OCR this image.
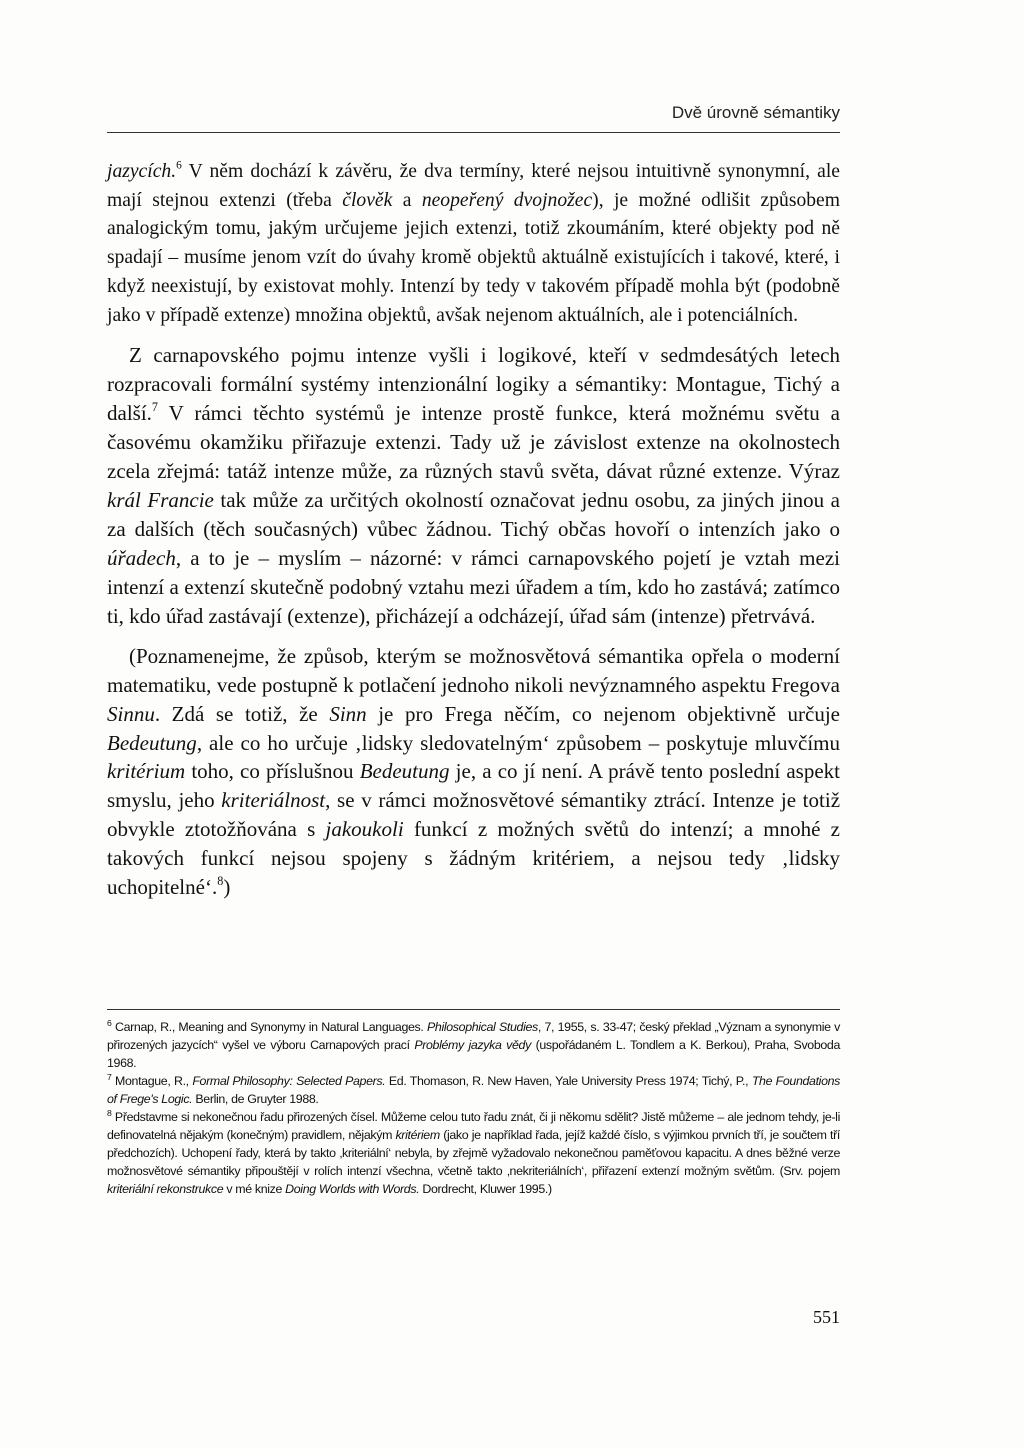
Dvě úrovně sémantiky

jazycích.$^6$ V něm dochází k závěru, že dva termíny, které nejsou intuitivně synonymní, ale mají stejnou extenzi (třeba člověk a neopeřený dvojnožec), je možné odlišit způsobem analogickým tomu, jakým určujeme jejich extenzi, totiž zkoumáním, které objekty pod ně spadají – musíme jenom vzít do úvahy kromě objektů aktuálně existujících i takové, které, i když neexistují, by existovat mohly. Intenzí by tedy v takovém případě mohla být (podobně jako v případě extenze) množina objektů, avšak nejenom aktuálních, ale i potenciálních.

Z carnapovského pojmu intenze vyšli i logikové, kteří v sedmdesátých letech rozpracovali formální systémy intenzionální logiky a sémantiky: Montague, Tichý a další.$^7$ V rámci těchto systémů je intenze prostě funkce, která možnému světu a časovému okamžiku přiřazuje extenzi. Tady už je závislost extenze na okolnostech zcela zřejmá: tatáž intenze může, za různých stavů světa, dávat různé extenze. Výraz král Francie tak může za určitých okolností označovat jednu osobu, za jiných jinou a za dalších (těch současných) vůbec žádnou. Tichý občas hovoří o intenzích jako o úřadech, a to je – myslím – názorné: v rámci carnapovského pojetí je vztah mezi intenzí a extenzí skutečně podobný vztahu mezi úřadem a tím, kdo ho zastává; zatímco ti, kdo úřad zastávají (extenze), přicházejí a odcházejí, úřad sám (intenze) přetrvává.

(Poznamenejme, že způsob, kterým se možnosvětová sémantika opřela o moderní matematiku, vede postupně k potlačení jednoho nikoli nevýznamného aspektu Fregova Sinnu. Zdá se totiž, že Sinn je pro Frega něčím, co nejenom objektivně určuje Bedeutung, ale co ho určuje ‚lidsky sledovatelným‘ způsobem – poskytuje mluvčímu kritérium toho, co příslušnou Bedeutung je, a co jí není. A právě tento poslední aspekt smyslu, jeho kriteriálnost, se v rámci možnosvětové sémantiky ztrácí. Intenze je totiž obvykle ztotožňována s jakoukoli funkcí z možných světů do intenzí; a mnohé z takových funkcí nejsou spojeny s žádným kritériem, a nejsou tedy ‚lidsky uchopitelné‘.$^8$)

$^6$ Carnap, R., Meaning and Synonymy in Natural Languages. Philosophical Studies, 7, 1955, s. 33-47; český překlad „Význam a synonymie v přirozených jazycích“ vyšel ve výboru Carnapových prací Problémy jazyka vědy (uspořádaném L. Tondlem a K. Berkou), Praha, Svoboda 1968.

$^7$ Montague, R., Formal Philosophy: Selected Papers. Ed. Thomason, R. New Haven, Yale University Press 1974; Tichý, P., The Foundations of Frege's Logic. Berlin, de Gruyter 1988.

$^8$ Představme si nekonečnou řadu přirozených čísel. Můžeme celou tuto řadu znát, či ji někomu sdělit? Jistě můžeme – ale jednom tehdy, je-li definovatelná nějakým (konečným) pravidlem, nějakým kritériem (jako je například řada, jejíž každé číslo, s výjimkou prvních tří, je součtem tří předchozích). Uchopení řady, která by takto ‚kriteriální‘ nebyla, by zřejmě vyžadovalo nekonečnou paměťovou kapacitu. A dnes běžné verze možnosvětové sémantiky připouštějí v rolích intenzí všechna, včetně takto ‚nekriteriálních‘, přiřazení extenzí možným světům. (Srv. pojem kriteriální rekonstrukce v mé knize Doing Worlds with Words. Dordrecht, Kluwer 1995.)

551
